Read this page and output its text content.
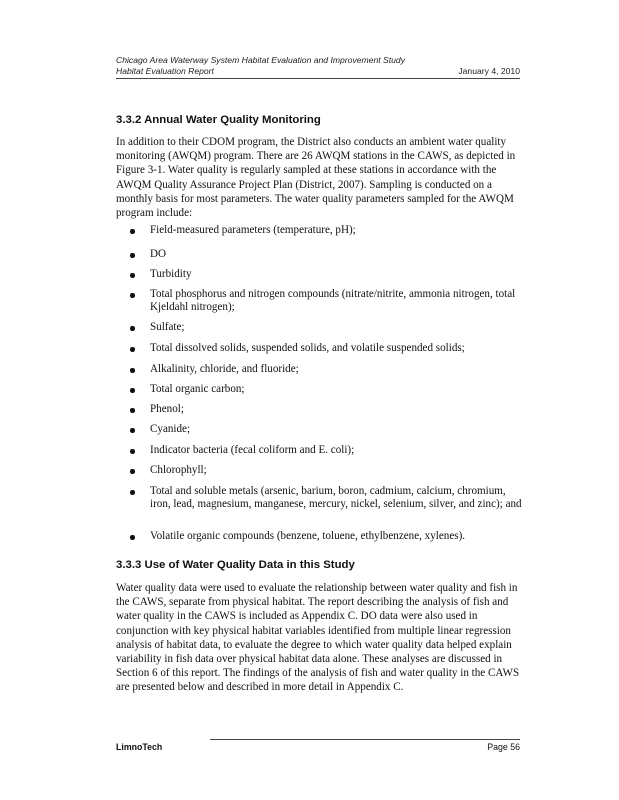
Chicago Area Waterway System Habitat Evaluation and Improvement Study
Habitat Evaluation Report	January 4, 2010
3.3.2 Annual Water Quality Monitoring

In addition to their CDOM program, the District also conducts an ambient water quality monitoring (AWQM) program. There are 26 AWQM stations in the CAWS, as depicted in Figure 3-1. Water quality is regularly sampled at these stations in accordance with the AWQM Quality Assurance Project Plan (District, 2007). Sampling is conducted on a monthly basis for most parameters. The water quality parameters sampled for the AWQM program include:

Field-measured parameters (temperature, pH);
DO
Turbidity
Total phosphorus and nitrogen compounds (nitrate/nitrite, ammonia nitrogen, total Kjeldahl nitrogen);
Sulfate;
Total dissolved solids, suspended solids, and volatile suspended solids;
Alkalinity, chloride, and fluoride;
Total organic carbon;
Phenol;
Cyanide;
Indicator bacteria (fecal coliform and E. coli);
Chlorophyll;
Total and soluble metals (arsenic, barium, boron, cadmium, calcium, chromium, iron, lead, magnesium, manganese, mercury, nickel, selenium, silver, and zinc); and
Volatile organic compounds (benzene, toluene, ethylbenzene, xylenes).
3.3.3 Use of Water Quality Data in this Study

Water quality data were used to evaluate the relationship between water quality and fish in the CAWS, separate from physical habitat. The report describing the analysis of fish and water quality in the CAWS is included as Appendix C. DO data were also used in conjunction with key physical habitat variables identified from multiple linear regression analysis of habitat data, to evaluate the degree to which water quality data helped explain variability in fish data over physical habitat data alone. These analyses are discussed in Section 6 of this report. The findings of the analysis of fish and water quality in the CAWS are presented below and described in more detail in Appendix C.

LimnoTech	Page 56
